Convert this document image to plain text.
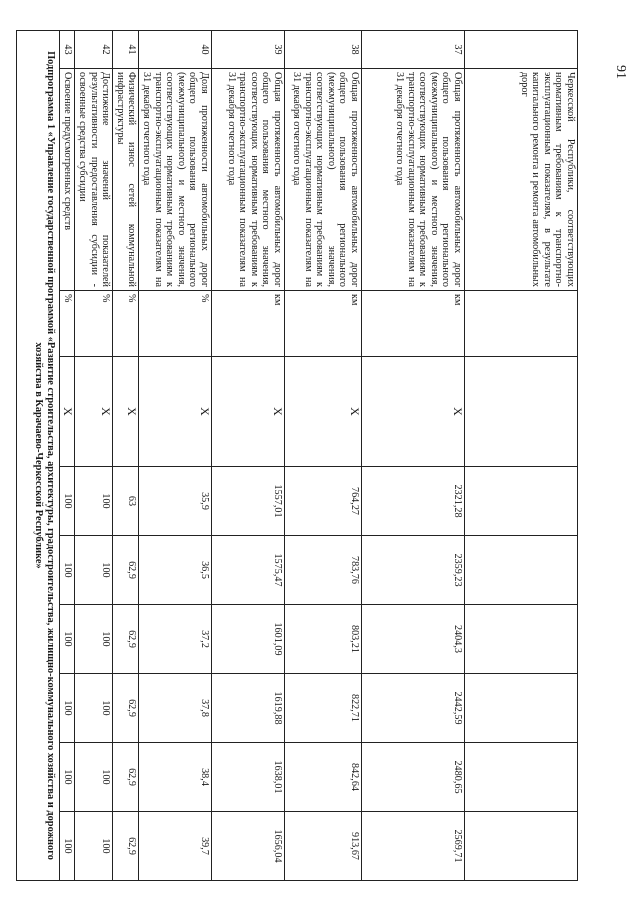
91
	Черкесской Республики, соответствующих нормативным требованиям к транспортно-эксплуатационным показателям, в результате капитального ремонта и ремонта автомобильных дорог								
37	Общая протяженность автомобильных дорог общего пользования регионального (межмуниципального) и местного значения, соответствующих нормативным требованиям к транспортно-эксплуатационным показателям на 31 декабря отчетного года	км	Х	2321,28	2359,23	2404,3	2442,59	2480,65	2569,71
38	Общая протяженность автомобильных дорог общего пользования регионального (межмуниципального) значения, соответствующих нормативным требованиям к транспортно-эксплуатационным показателям на 31 декабря отчетного года	км	Х	764,27	783,76	803,21	822,71	842,64	913,67
39	Общая протяженность автомобильных дорог общего пользования местного значения, соответствующих нормативным требованиям к транспортно-эксплуатационным показателям на 31 декабря отчетного года	км	Х	1557,01	1575,47	1601,09	1619,88	1638,01	1656,04
40	Доля протяженности автомобильных дорог общего пользования регионального (межмуниципального) и местного значения, соответствующих нормативным требованиям к транспортно-эксплуатационным показателям на 31 декабря отчетного года	%	Х	35,9	36,5	37,2	37,8	38,4	39,7
41	Физический износ сетей коммунальной инфраструктуры	%	Х	63	62,9	62,9	62,9	62,9	62,9
42	Достижение значений показателей результативности предоставления субсидии - освоенные средства субсидии	%	Х	100	100	100	100	100	100
43	Освоение предусмотренных средств	%	Х	100	100	100	100	100	100
Подпрограмма 1 «Управление государственной программой «Развитие строительства, архитектуры, градостроительства, жилищно-коммунального хозяйства и дорожного хозяйства в Карачаево-Черкесской Республике»									
